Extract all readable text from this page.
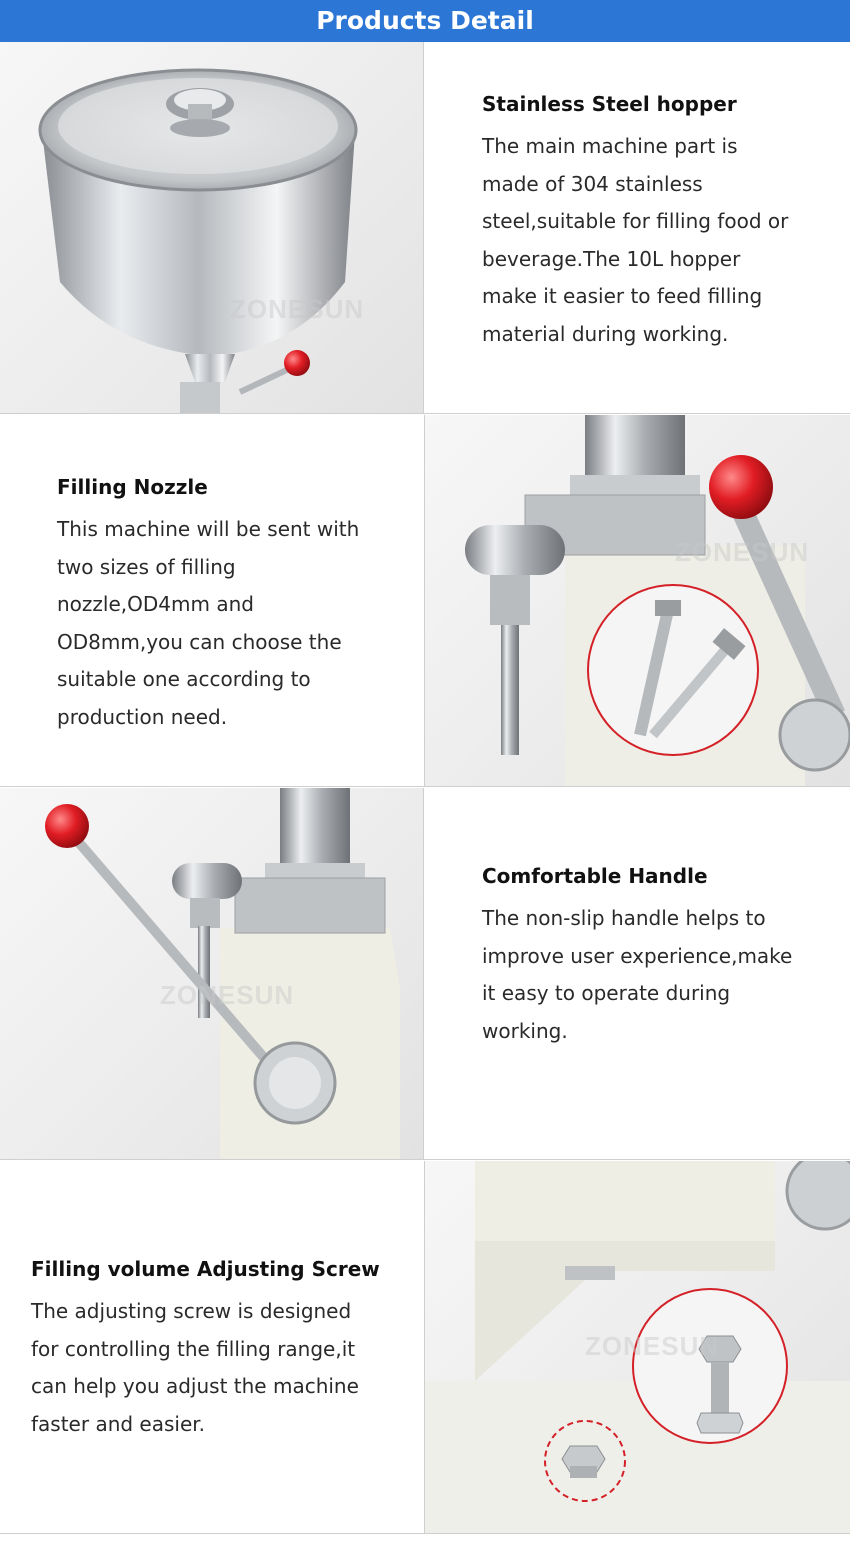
Products Detail
ZONESUN
Stainless Steel hopper

The main machine part is
made of 304 stainless
steel,suitable for filling food or
beverage.The 10L hopper
make it easier to feed filling
material during working.

Filling Nozzle

This machine will be sent with
two sizes of filling
nozzle,OD4mm and
OD8mm,you can choose the
suitable one according to
production need.

ZONESUN
ZONESUN
Comfortable Handle

The non-slip handle helps to
improve user experience,make
it easy to operate during
working.

Filling volume Adjusting Screw

The adjusting screw is designed
for controlling the filling range,it
can help you adjust the machine
faster and easier.

ZONESUN
